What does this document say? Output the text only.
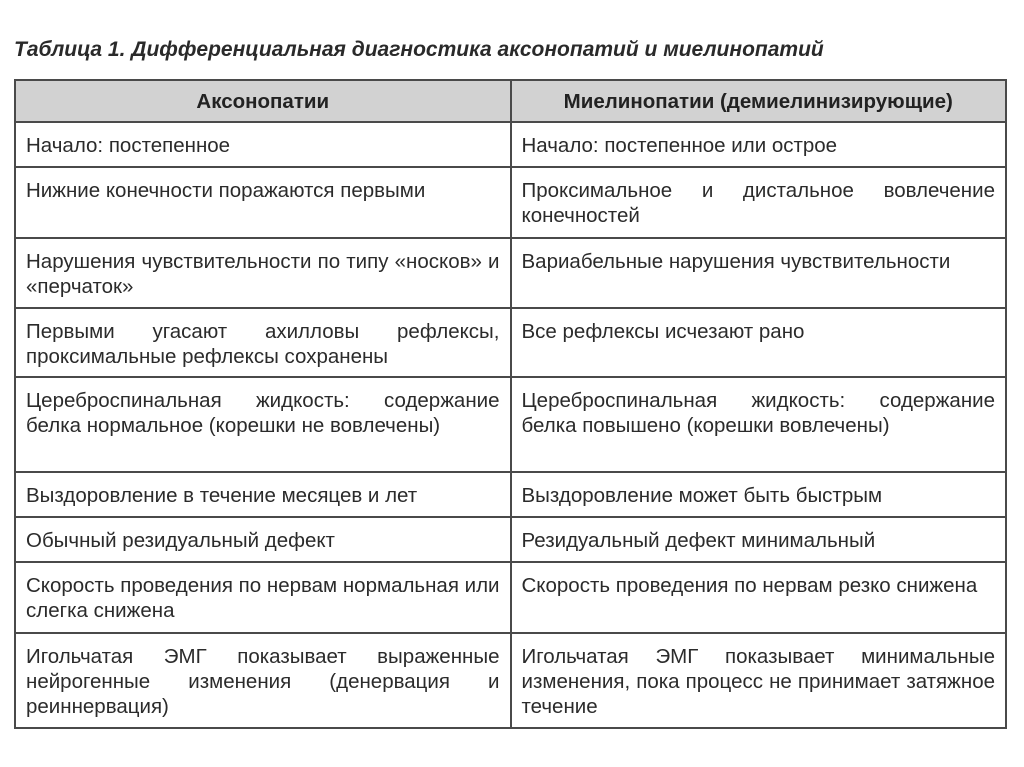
Таблица 1. Дифференциальная диагностика аксонопатий и миелинопатий
Аксонопатии	Миелинопатии (демиелинизирующие)
Начало: постепенное	Начало: постепенное или острое
Нижние конечности поражаются первыми	Проксимальное и дистальное вовлечение конечностей
Нарушения чувствительности по типу «носков» и «перчаток»	Вариабельные нарушения чувствительности
Первыми угасают ахилловы рефлексы, проксимальные рефлексы сохранены	Все рефлексы исчезают рано
Цереброспинальная жидкость: содержание белка нормальное (корешки не вовлечены)	Цереброспинальная жидкость: содержание белка повышено (корешки вовлечены)
Выздоровление в течение месяцев и лет	Выздоровление может быть быстрым
Обычный резидуальный дефект	Резидуальный дефект минимальный
Скорость проведения по нервам нормальная или слегка снижена	Скорость проведения по нервам резко снижена
Игольчатая ЭМГ показывает выраженные нейрогенные изменения (денервация и реиннервация)	Игольчатая ЭМГ показывает минимальные изменения, пока процесс не принимает затяжное течение
